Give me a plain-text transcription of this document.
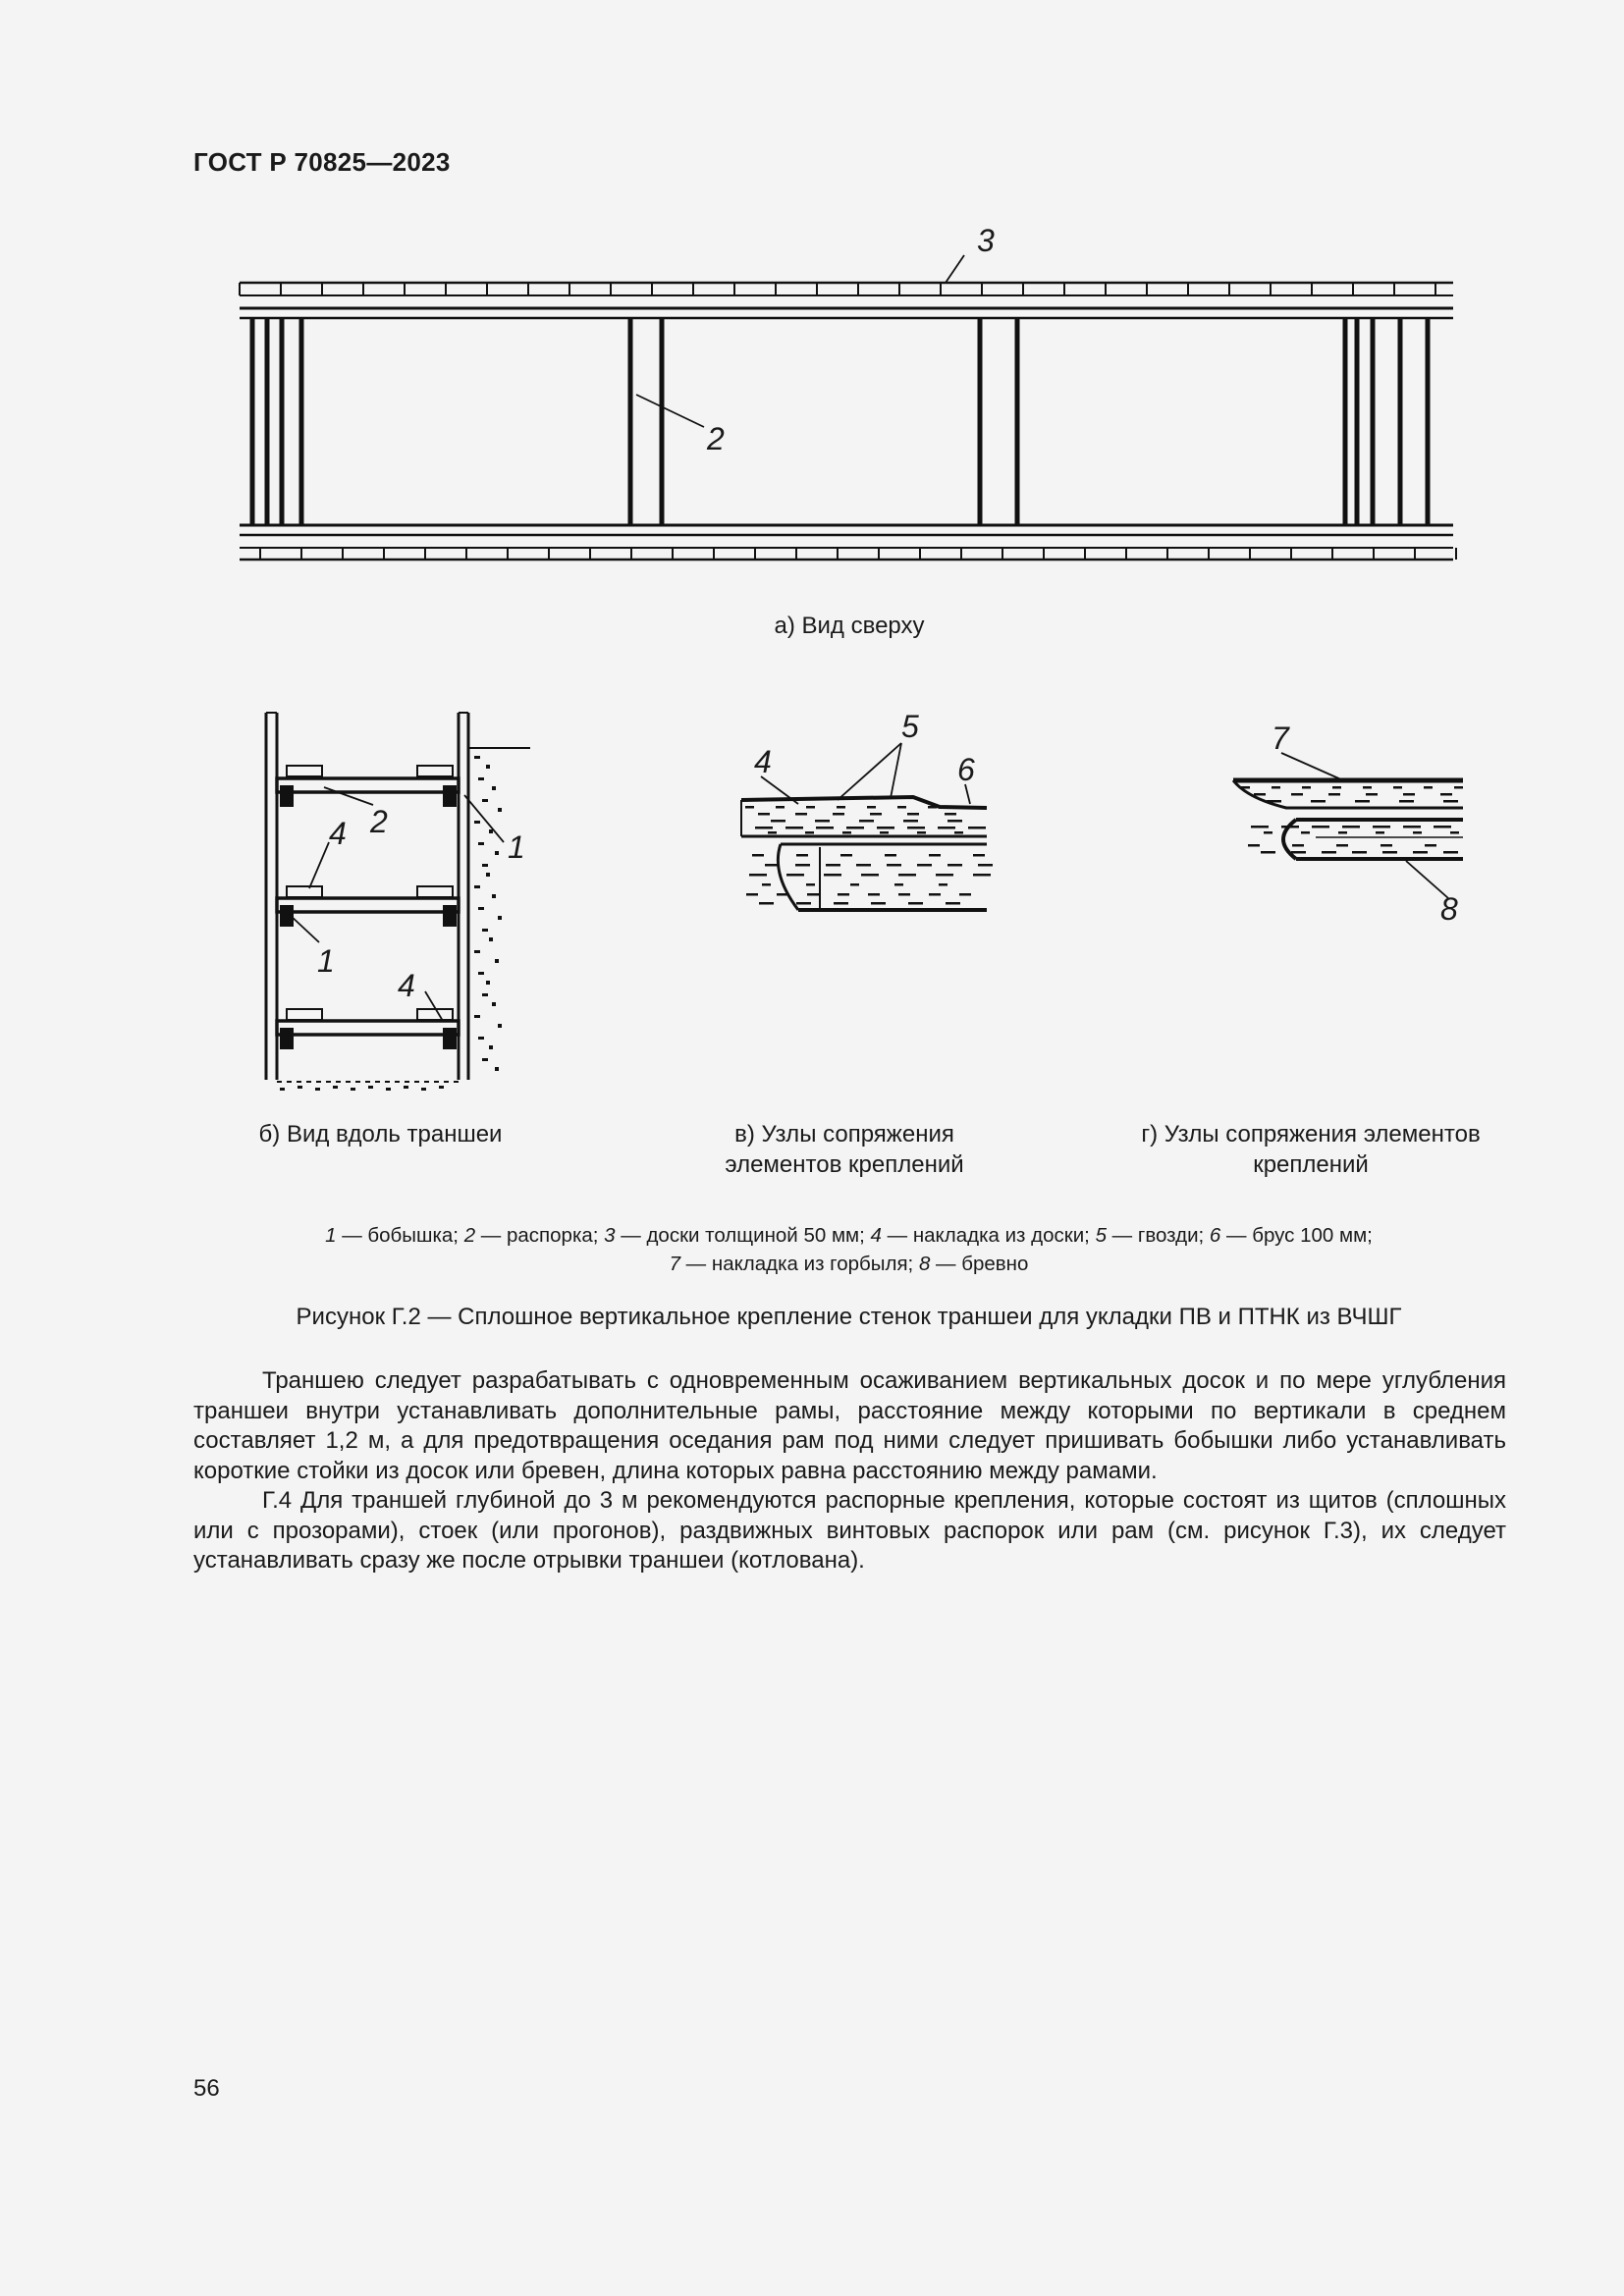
ГОСТ Р 70825—2023
3
2
а) Вид сверху
2
1
4
1
4
б) Вид вдоль траншеи
4
5
6
в) Узлы сопряжения
элементов креплений
7
8
г) Узлы сопряжения элементов
креплений
1 — бобышка; 2 — распорка; 3 — доски толщиной 50 мм; 4 — накладка из доски; 5 — гвозди; 6 — брус 100 мм;
7 — накладка из горбыля; 8 — бревно
Рисунок Г.2 — Сплошное вертикальное крепление стенок траншеи для укладки ПВ и ПТНК из ВЧШГ

Траншею следует разрабатывать с одновременным осаживанием вертикальных досок и по мере углубления траншеи внутри устанавливать дополнительные рамы, расстояние между которыми по вертикали в среднем составляет 1,2 м, а для предотвращения оседания рам под ними следует пришивать бобышки либо устанавливать короткие стойки из досок или бревен, длина которых равна расстоянию между рамами.

Г.4 Для траншей глубиной до 3 м рекомендуются распорные крепления, которые состоят из щитов (сплошных или с прозорами), стоек (или прогонов), раздвижных винтовых распорок или рам (см. рисунок Г.3), их следует устанавливать сразу же после отрывки траншеи (котлована).

56
